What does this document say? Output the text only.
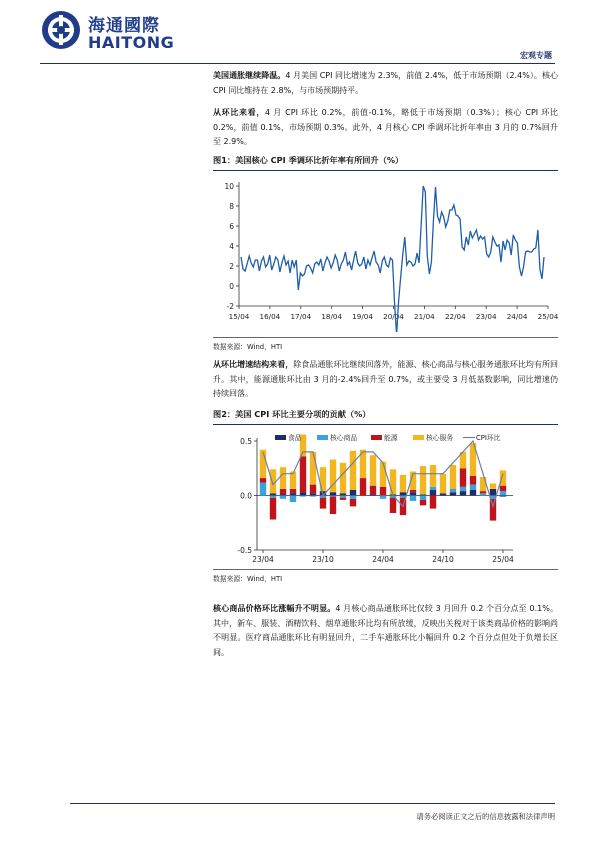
海通國際
HAITONG
宏观专题
美国通胀继续降温。4 月美国 CPI 同比增速为 2.3%，前值 2.4%，低于市场预期（2.4%）。核心 CPI 同比维持在 2.8%，与市场预期持平。
从环比来看，4 月 CPI 环比 0.2%，前值-0.1%，略低于市场预期（0.3%）；核心 CPI 环比 0.2%，前值 0.1%，市场预期 0.3%。此外，4 月核心 CPI 季调环比折年率由 3 月的 0.7%回升至 2.9%。
图1：美国核心 CPI 季调环比折年率有所回升（%）
10
8
6
4
2
0
-2
15/04 16/04 17/04 18/04 19/04 20/04 21/04 22/04 23/04 24/04 25/04
数据来源：Wind，HTI
从环比增速结构来看，除食品通胀环比继续回落外，能源、核心商品与核心服务通胀环比均有所回升。其中，能源通胀环比由 3 月的-2.4%回升至 0.7%，或主要受 3 月低基数影响，同比增速仍持续回落。
图2：美国 CPI 环比主要分项的贡献（%）
0.5
0.0
-0.5
23/04	23/10	24/04	24/10	25/04
食品	核心商品	能源	核心服务	CPI环比
数据来源：Wind，HTI
核心商品价格环比涨幅升不明显。4 月核心商品通胀环比仅较 3 月回升 0.2 个百分点至 0.1%。其中，新车、服装、酒精饮料、烟草通胀环比均有所放缓，反映出关税对于该类商品价格的影响尚不明显。医疗商品通胀环比有明显回升，二手车通胀环比小幅回升 0.2 个百分点但处于负增长区间。
请务必阅读正文之后的信息披露和法律声明
